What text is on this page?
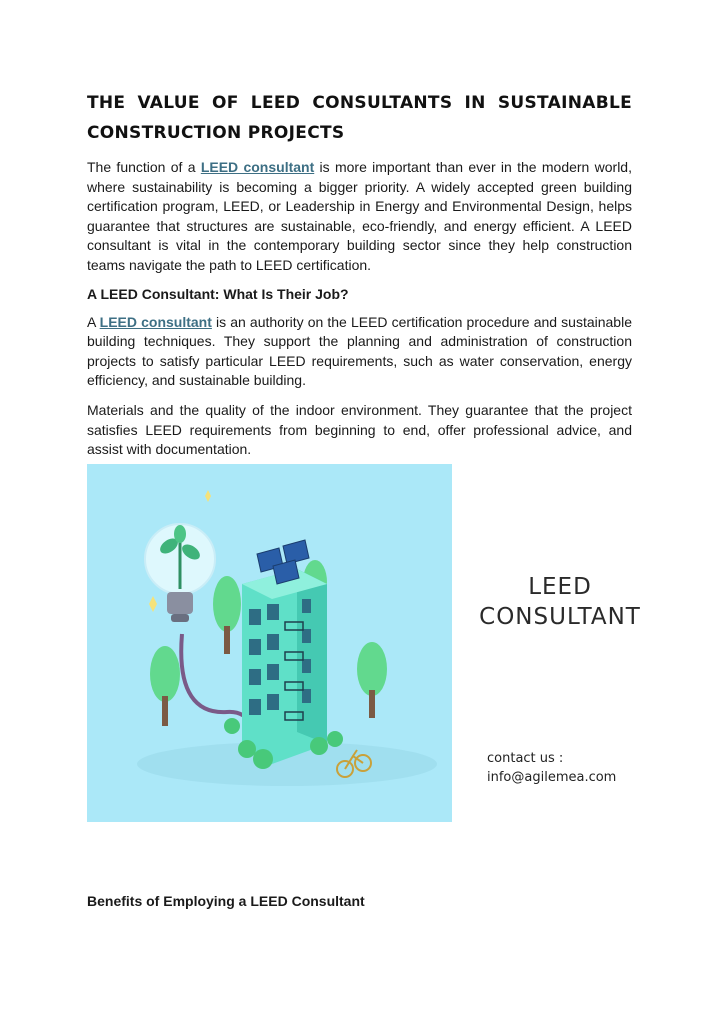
THE VALUE OF LEED CONSULTANTS IN SUSTAINABLE CONSTRUCTION PROJECTS

The function of a LEED consultant is more important than ever in the modern world, where sustainability is becoming a bigger priority. A widely accepted green building certification program, LEED, or Leadership in Energy and Environmental Design, helps guarantee that structures are sustainable, eco-friendly, and energy efficient. A LEED consultant is vital in the contemporary building sector since they help construction teams navigate the path to LEED certification.

A LEED Consultant: What Is Their Job?

A LEED consultant is an authority on the LEED certification procedure and sustainable building techniques. They support the planning and administration of construction projects to satisfy particular LEED requirements, such as water conservation, energy efficiency, and sustainable building.

Materials and the quality of the indoor environment. They guarantee that the project satisfies LEED requirements from beginning to end, offer professional advice, and assist with documentation.

LEED
CONSULTANT
contact us :
info@agilemea.com
Benefits of Employing a LEED Consultant
